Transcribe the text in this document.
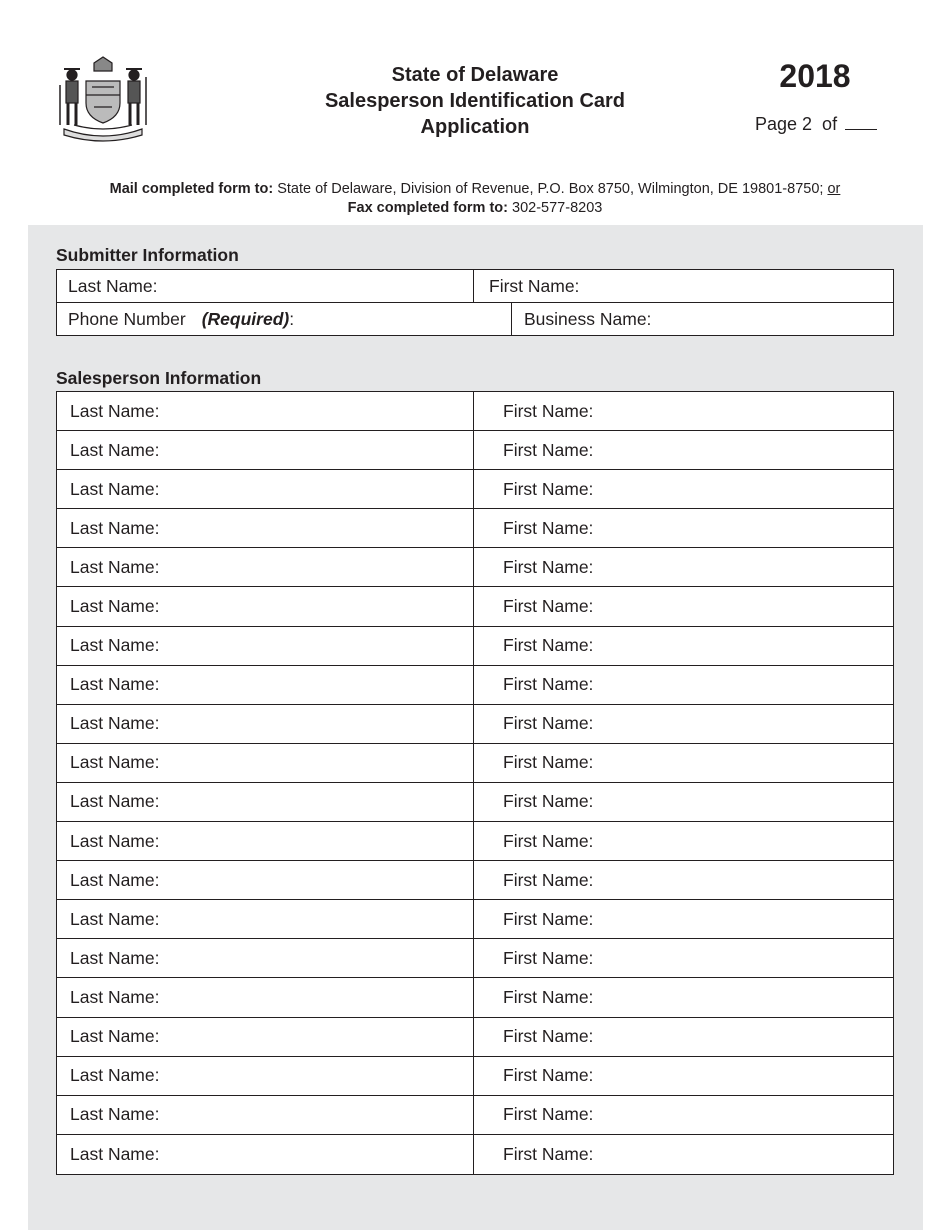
State of Delaware
Salesperson Identification Card
Application
2018
Page 2  of
Mail completed form to: State of Delaware, Division of Revenue, P.O. Box 8750, Wilmington, DE 19801-8750; or
Fax completed form to: 302-577-8203
Submitter Information
Last Name:	First Name:
Phone Number (Required) :	Business Name:
Salesperson Information
Last Name:	First Name:
Last Name:	First Name:
Last Name:	First Name:
Last Name:	First Name:
Last Name:	First Name:
Last Name:	First Name:
Last Name:	First Name:
Last Name:	First Name:
Last Name:	First Name:
Last Name:	First Name:
Last Name:	First Name:
Last Name:	First Name:
Last Name:	First Name:
Last Name:	First Name:
Last Name:	First Name:
Last Name:	First Name:
Last Name:	First Name:
Last Name:	First Name:
Last Name:	First Name:
Last Name:	First Name:
